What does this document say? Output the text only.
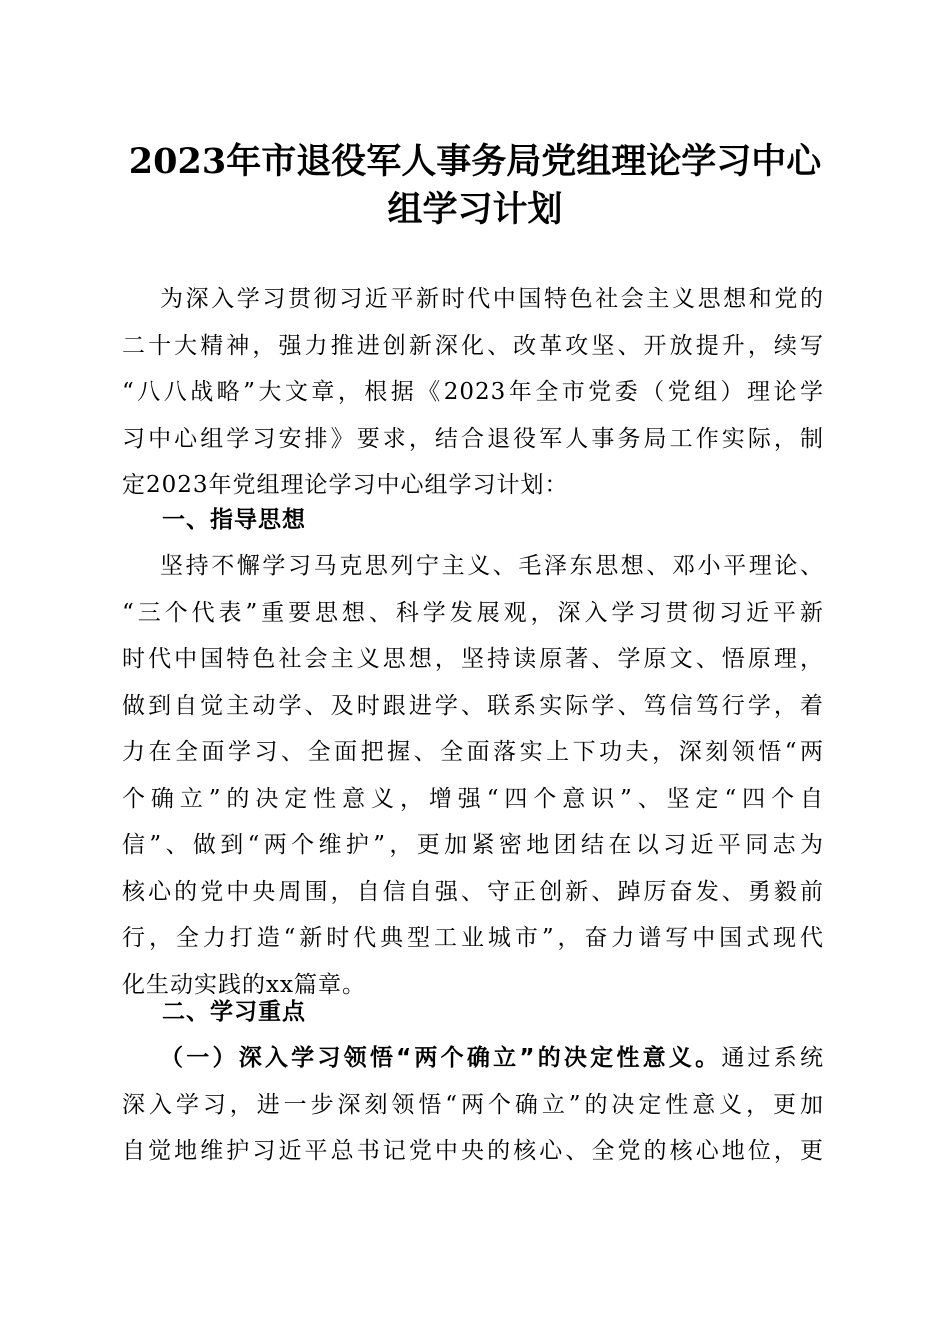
2023年市退役军人事务局党组理论学习中心
组学习计划
为深入学习贯彻习近平新时代中国特色社会主义思想和党的
二十大精神，强力推进创新深化、改革攻坚、开放提升，续写
“八八战略”大文章，根据《2023年全市党委（党组）理论学
习中心组学习安排》要求，结合退役军人事务局工作实际，制
定2023年党组理论学习中心组学习计划：
一、指导思想
坚持不懈学习马克思列宁主义、毛泽东思想、邓小平理论、
“三个代表”重要思想、科学发展观，深入学习贯彻习近平新
时代中国特色社会主义思想，坚持读原著、学原文、悟原理，
做到自觉主动学、及时跟进学、联系实际学、笃信笃行学，着
力在全面学习、全面把握、全面落实上下功夫，深刻领悟“两
个确立”的决定性意义，增强“四个意识”、坚定“四个自
信”、做到“两个维护”，更加紧密地团结在以习近平同志为
核心的党中央周围，自信自强、守正创新、踔厉奋发、勇毅前
行，全力打造“新时代典型工业城市”，奋力谱写中国式现代
化生动实践的xx篇章。
二、学习重点
（一）深入学习领悟“两个确立”的决定性意义。通过系统
深入学习，进一步深刻领悟“两个确立”的决定性意义，更加
自觉地维护习近平总书记党中央的核心、全党的核心地位，更
